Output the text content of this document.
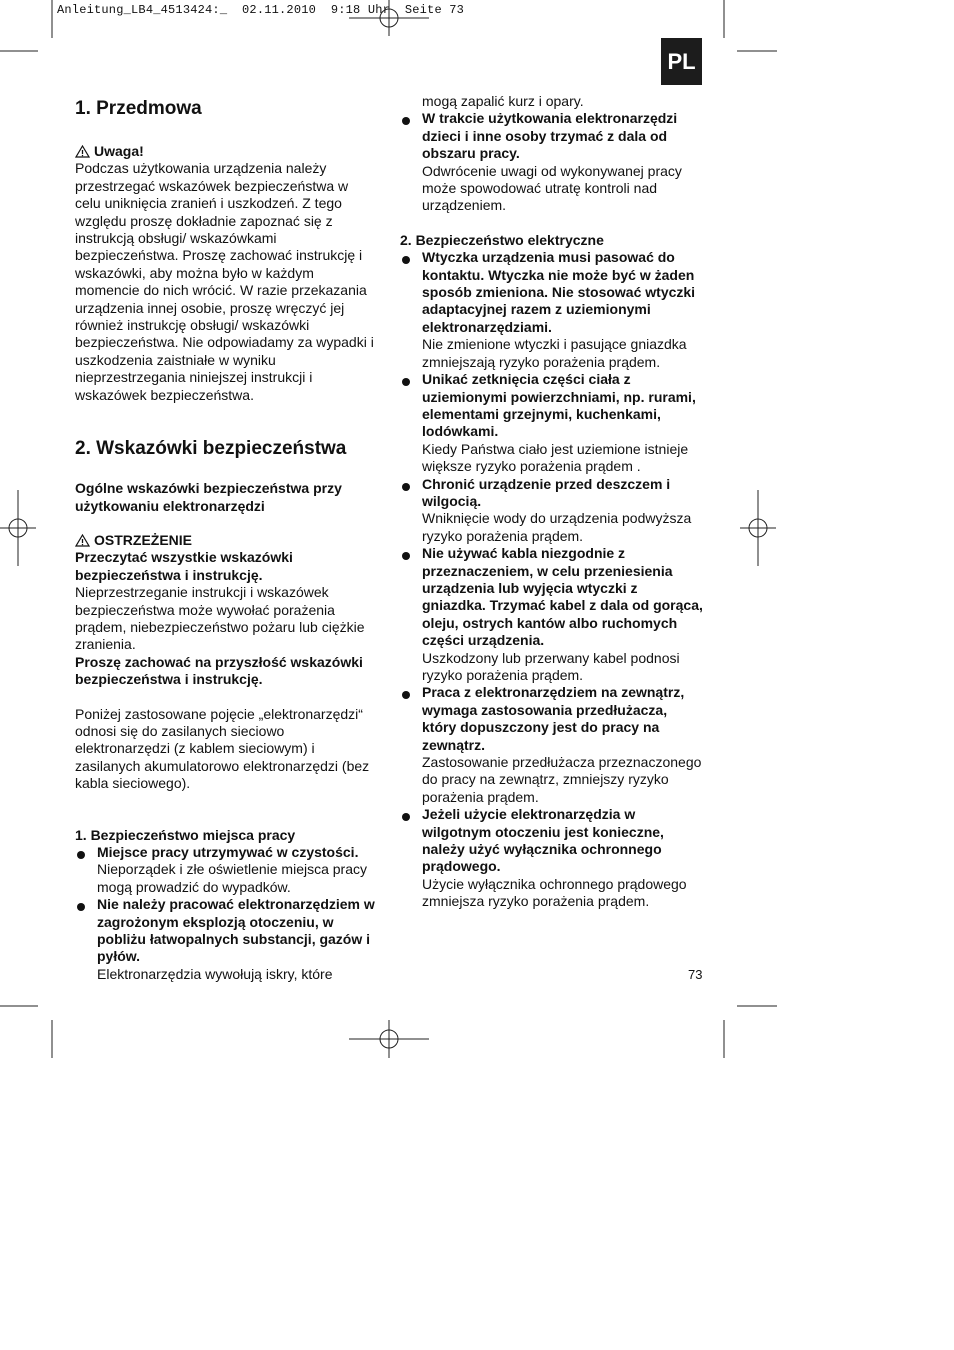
Anleitung_LB4_4513424:_  02.11.2010  9:18 Uhr  Seite 73
PL
1. Przedmowa
Uwaga!

Podczas użytkowania urządzenia należy przestrzegać wskazówek bezpieczeństwa w celu uniknięcia zranień i uszkodzeń. Z tego względu proszę dokładnie zapoznać się z instrukcją obsługi/ wskazówkami bezpieczeństwa. Proszę zachować instrukcję i wskazówki, aby można było w każdym momencie do nich wrócić. W razie przekazania urządzenia innej osobie, proszę wręczyć jej również instrukcję obsługi/ wskazówki bezpieczeństwa. Nie odpowiadamy za wypadki i uszkodzenia zaistniałe w wyniku nieprzestrzegania niniejszej instrukcji i wskazówek bezpieczeństwa.

2. Wskazówki bezpieczeństwa

Ogólne wskazówki bezpieczeństwa przy użytkowaniu elektronarzędzi

OSTRZEŻENIE

Przeczytać wszystkie wskazówki bezpieczeństwa i instrukcję.

Nieprzestrzeganie instrukcji i wskazówek bezpieczeństwa może wywołać porażenia prądem, niebezpieczeństwo pożaru lub ciężkie zranienia.

Proszę zachować na przyszłość wskazówki bezpieczeństwa i instrukcję.

Poniżej zastosowane pojęcie „elektronarzędzi“ odnosi się do zasilanych sieciowo elektronarzędzi (z kablem sieciowym) i zasilanych akumulatorowo elektronarzędzi (bez kabla sieciowego).

1. Bezpieczeństwo miejsca pracy

Miejsce pracy utrzymywać w czystości.

Nieporządek i złe oświetlenie miejsca pracy mogą prowadzić do wypadków.

Nie należy pracować elektronarzędziem w zagrożonym eksplozją otoczeniu, w pobliżu łatwopalnych substancji, gazów i pyłów.

Elektronarzędzia wywołują iskry, które

mogą zapalić kurz i opary.

W trakcie użytkowania elektronarzędzi dzieci i inne osoby trzymać z dala od obszaru pracy.

Odwrócenie uwagi od wykonywanej pracy może spowodować utratę kontroli nad urządzeniem.

2. Bezpieczeństwo elektryczne

Wtyczka urządzenia musi pasować do kontaktu. Wtyczka nie może być w żaden sposób zmieniona. Nie stosować wtyczki adaptacyjnej razem z uziemionymi elektronarzędziami.

Nie zmienione wtyczki i pasujące gniazdka zmniejszają ryzyko porażenia prądem.

Unikać zetknięcia części ciała z uziemionymi powierzchniami, np. rurami, elementami grzejnymi, kuchenkami, lodówkami.

Kiedy Państwa ciało jest uziemione istnieje większe ryzyko porażenia prądem .

Chronić urządzenie przed deszczem i wilgocią.

Wniknięcie wody do urządzenia podwyższa ryzyko porażenia prądem.

Nie używać kabla niezgodnie z przeznaczeniem, w celu przeniesienia urządzenia lub wyjęcia wtyczki z gniazdka. Trzymać kabel z dala od gorąca, oleju, ostrych kantów albo ruchomych części urządzenia.

Uszkodzony lub przerwany kabel podnosi ryzyko porażenia prądem.

Praca z elektronarzędziem na zewnątrz, wymaga zastosowania przedłużacza, który dopuszczony jest do pracy na zewnątrz.

Zastosowanie przedłużacza przeznaczonego do pracy na zewnątrz, zmniejszy ryzyko porażenia prądem.

Jeżeli użycie elektronarzędzia w wilgotnym otoczeniu jest konieczne, należy użyć wyłącznika ochronnego prądowego.

Użycie wyłącznika ochronnego prądowego zmniejsza ryzyko porażenia prądem.

73
